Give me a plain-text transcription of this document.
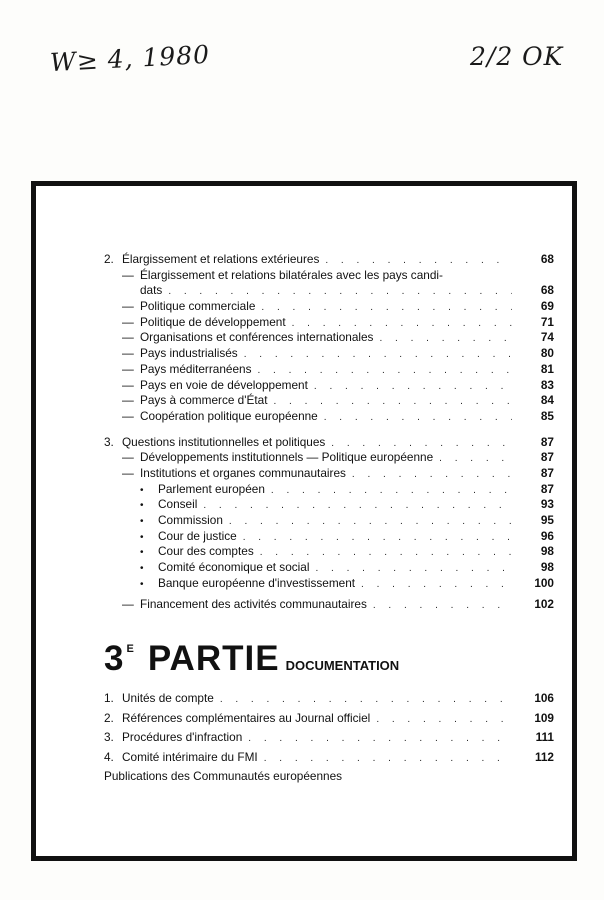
W≥ 4, 1980	2/2 OK
2. Élargissement et relations extérieures . . .	68
— Élargissement et relations bilatérales avec les pays candi-
dats . . .	68
— Politique commerciale . . .	69
— Politique de développement . . .	71
— Organisations et conférences internationales . . .	74
— Pays industrialisés . . .	80
— Pays méditerranéens . . .	81
— Pays en voie de développement . . .	83
— Pays à commerce d'État . . .	84
— Coopération politique européenne . . .	85
3. Questions institutionnelles et politiques . . .	87
— Développements institutionnels — Politique européenne . . .	87
— Institutions et organes communautaires . . .	87
•	Parlement européen . . .	87
•	Conseil . . .	93
•	Commission . . .	95
•	Cour de justice . . .	96
•	Cour des comptes . . .	98
•	Comité économique et social . . .	98
•	Banque européenne d'investissement . . .	100
— Financement des activités communautaires . . .	102
3 E PARTIE DOCUMENTATION
1. Unités de compte . . .	106
2. Références complémentaires au Journal officiel . . .	109
3. Procédures d'infraction . . .	111
4. Comité intérimaire du FMI . . .	112
Publications des Communautés européennes
